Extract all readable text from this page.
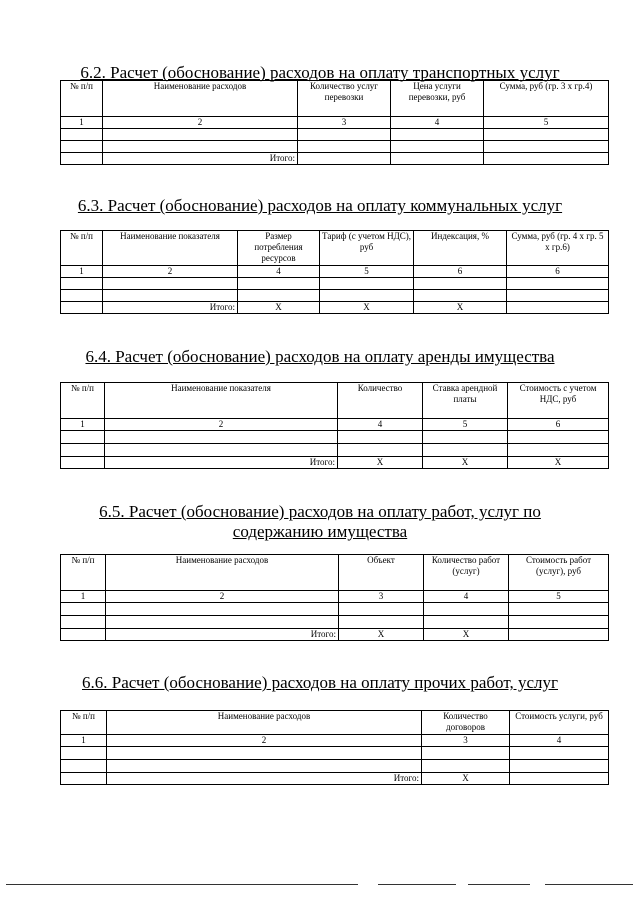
6.2. Расчет (обоснование) расходов на оплату транспортных услуг
№ п/п	Наименование расходов	Количество услуг перевозки	Цена услуги перевозки, руб	Сумма, руб (гр. 3 х гр.4)
1	2	3	4	5

	Итого:			
6.3. Расчет (обоснование) расходов на оплату коммунальных услуг
№ п/п	Наименование показателя	Размер потребления ресурсов	Тариф (с учетом НДС), руб	Индексация, %	Сумма, руб (гр. 4 х гр. 5 х гр.6)
1	2	4	5	6	6

	Итого:	X	X	X	
6.4. Расчет (обоснование) расходов на оплату аренды имущества
№ п/п	Наименование показателя	Количество	Ставка арендной платы	Стоимость с учетом НДС, руб
1	2	4	5	6

	Итого:	X	X	X
6.5. Расчет (обоснование) расходов на оплату работ, услуг по
содержанию имущества
№ п/п	Наименование расходов	Объект	Количество работ (услуг)	Стоимость работ (услуг), руб
1	2	3	4	5

	Итого:	X	X	
6.6. Расчет (обоснование) расходов на оплату прочих работ, услуг
№ п/п	Наименование расходов	Количество договоров	Стоимость услуги, руб
1	2	3	4

	Итого:	X	
